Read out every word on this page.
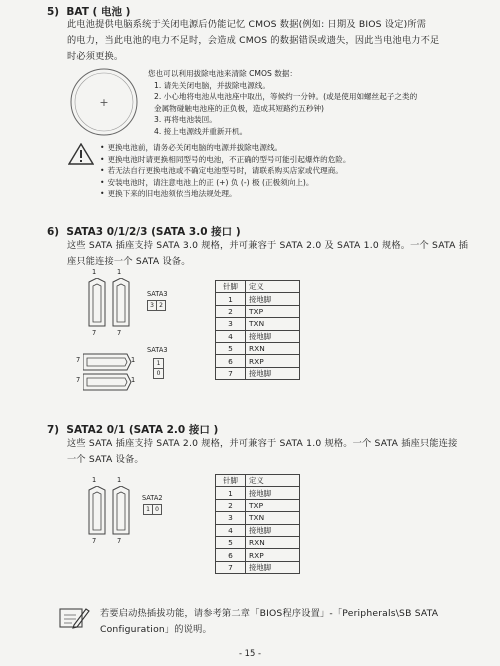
5)  BAT ( 电池 )
此电池提供电脑系统于关闭电源后仍能记忆 CMOS 数据(例如: 日期及 BIOS 设定)所需
的电力，当此电池的电力不足时，会造成 CMOS 的数据错误或遗失，因此当电池电力不足
时必须更换。
+
您也可以利用拔除电池来清除 CMOS 数据：
1. 请先关闭电脑，并拔除电源线。
2. 小心地将电池从电池座中取出，等候约一分钟。(或是使用如螺丝起子之类的
金属物碰触电池座的正负极，造成其短路约五秒钟)
3. 再将电池装回。
4. 接上电源线并重新开机。
• 更换电池前，请务必关闭电脑的电源并拔除电源线。
• 更换电池时请更换相同型号的电池，不正确的型号可能引起爆炸的危险。
• 若无法自行更换电池或不确定电池型号时，请联系购买店家或代理商。
• 安装电池时，请注意电池上的正 (+) 负 (-) 极 (正极须向上)。
• 更换下来的旧电池须依当地法规处理。
6)  SATA3 0/1/2/3 (SATA 3.0 接口 )
这些 SATA 插座支持 SATA 3.0 规格，并可兼容于 SATA 2.0 及 SATA 1.0 规格。一个 SATA 插
座只能连接一个 SATA 设备。
1	1
7	7
SATA3
3 2
7	1
7	1
SATA3
1
0
针脚	定义
1	接地脚
2	TXP
3	TXN
4	接地脚
5	RXN
6	RXP
7	接地脚
7)  SATA2 0/1 (SATA 2.0 接口 )
这些 SATA 插座支持 SATA 2.0 规格，并可兼容于 SATA 1.0 规格。一个 SATA 插座只能连接
一个 SATA 设备。
1	1
7	7
SATA2
1 0
针脚	定义
1	接地脚
2	TXP
3	TXN
4	接地脚
5	RXN
6	RXP
7	接地脚
若要启动热插拔功能，请参考第二章「BIOS程序设置」-「Peripherals\SB SATA
Configuration」的说明。
- 15 -
